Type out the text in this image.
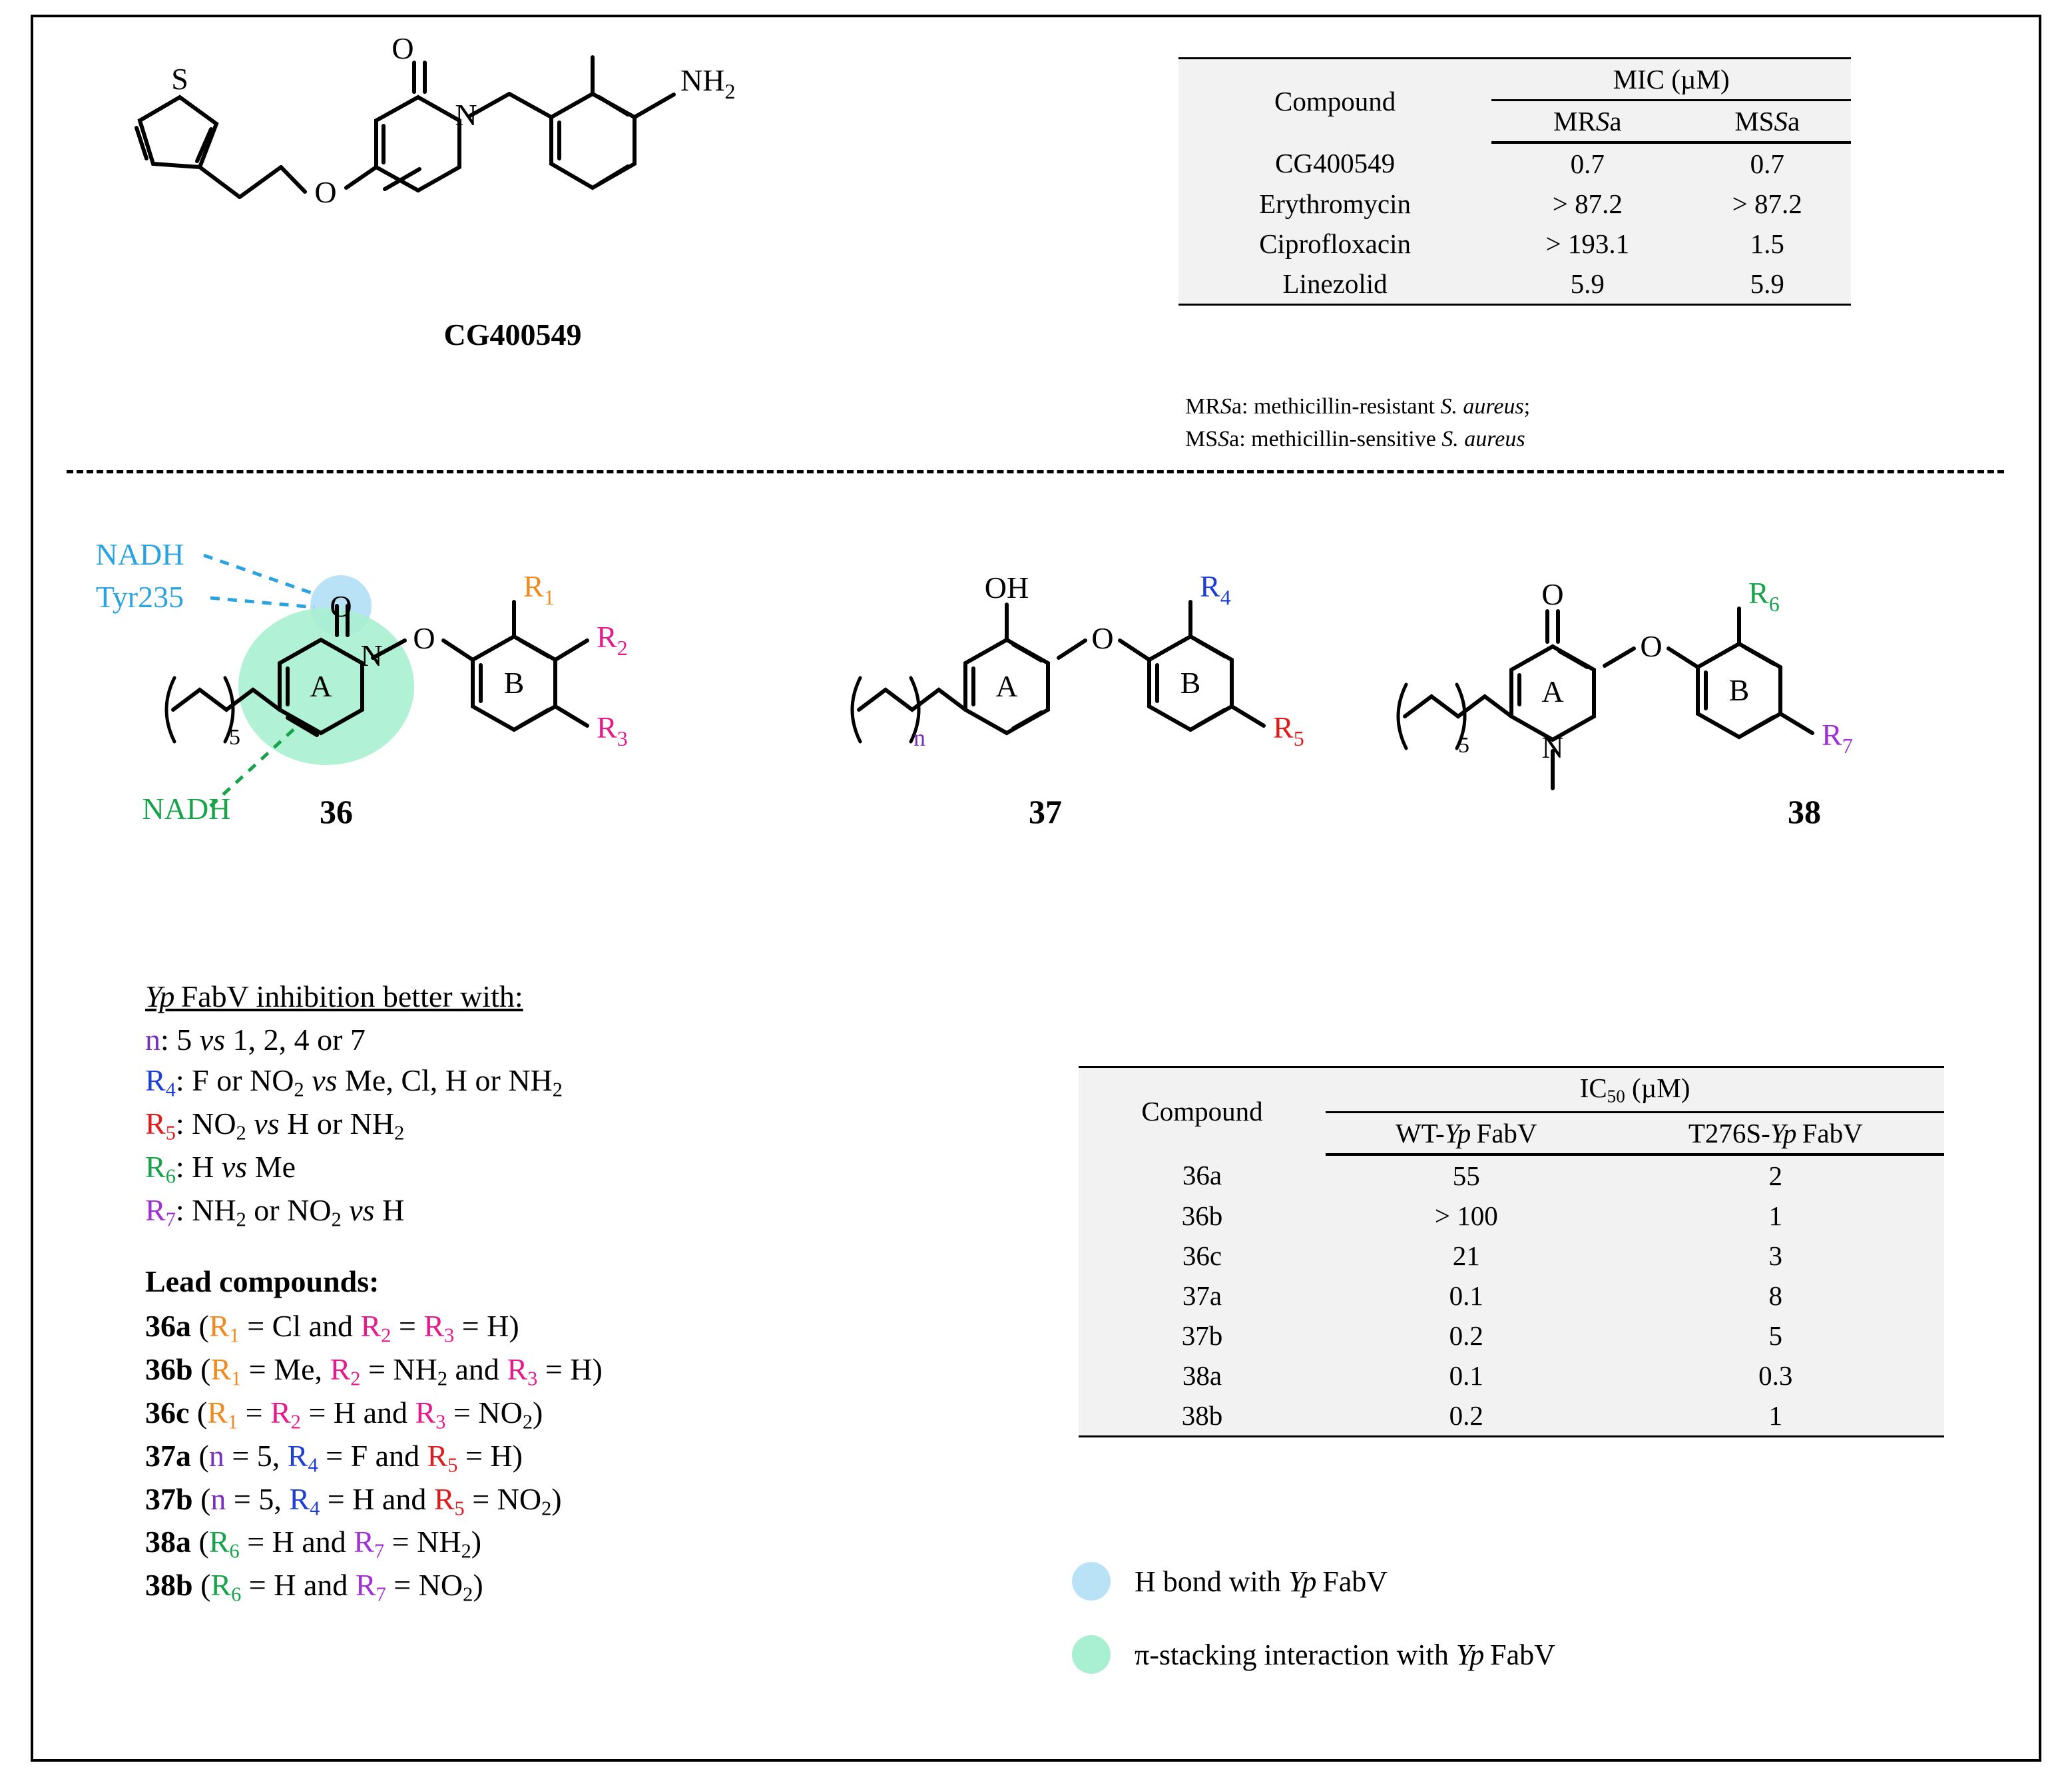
O
N
O
S	$NH_2$
CG400549
Compound	MIC (µM)	
	MRSa	MSSa
CG400549	0.7	0.7
Erythromycin	> 87.2	> 87.2
Ciprofloxacin	> 193.1	1.5
Linezolid	5.9	5.9
MRSa: methicillin-resistant S. aureus;
MSSa: methicillin-sensitive S. aureus
O
N
O
A	B
5
$R_1$
$R_2$
$R_3$
NADH
Tyr235
NADH	36
OH
O
A	B
n
$R_4$
$R_5$
37
O
N
O
A	B
5
$R_6$
$R_7$
38
Yp FabV inhibition better with:
n: 5 vs 1, 2, 4 or 7
$R_4$: F or $NO_2$ vs Me, Cl, H or $NH_2$
$R_5$: $NO_2$ vs H or $NH_2$
$R_6$: H vs Me
$R_7$: $NH_2$ or $NO_2$ vs H
Lead compounds:
36a ($R_1 = Cl$ and $R_2 = R_3 = H$)
36b ($R_1 = Me$, $R_2 = NH_2$ and $R_3 = H$)
36c ($R_1 = R_2 = H$ and $R_3 = NO_2$)
37a (n = 5, $R_4 = F$ and $R_5 = H$)
37b (n = 5, $R_4 = H$ and $R_5 = NO_2$)
38a ($R_6 = H$ and $R_7 = NH_2$)
38b ($R_6 = H$ and $R_7 = NO_2$)
Compound	$IC_{50}$ (µM)	
	WT-Yp FabV	T276S-Yp FabV
36a	55	2
36b	> 100	1
36c	21	3
37a	0.1	8
37b	0.2	5
38a	0.1	0.3
38b	0.2	1
H bond with Yp FabV
π-stacking interaction with Yp FabV
